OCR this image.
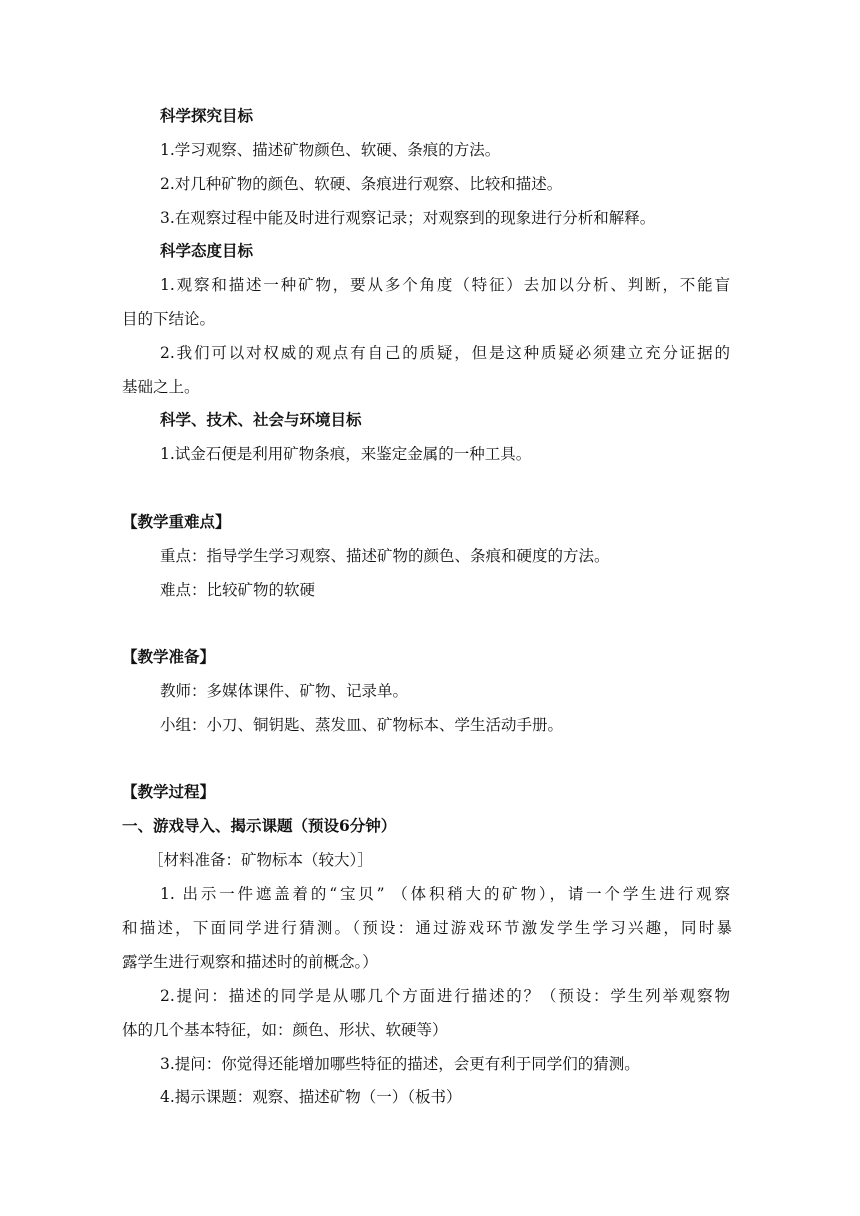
科学探究目标
1.学习观察、描述矿物颜色、软硬、条痕的方法。
2.对几种矿物的颜色、软硬、条痕进行观察、比较和描述。
3.在观察过程中能及时进行观察记录；对观察到的现象进行分析和解释。
科学态度目标
1.观察和描述一种矿物，要从多个角度（特征）去加以分析、判断，不能盲
目的下结论。
2.我们可以对权威的观点有自己的质疑，但是这种质疑必须建立充分证据的
基础之上。
科学、技术、社会与环境目标
1.试金石便是利用矿物条痕，来鉴定金属的一种工具。
【教学重难点】
重点：指导学生学习观察、描述矿物的颜色、条痕和硬度的方法。
难点：比较矿物的软硬
【教学准备】
教师：多媒体课件、矿物、记录单。
小组：小刀、铜钥匙、蒸发皿、矿物标本、学生活动手册。
【教学过程】
一、游戏导入、揭示课题（预设6分钟）
［材料准备：矿物标本（较大）］
1. 出示一件遮盖着的“宝贝” （体积稍大的矿物），请一个学生进行观察
和描述，下面同学进行猜测。（预设：通过游戏环节激发学生学习兴趣，同时暴
露学生进行观察和描述时的前概念。）
2.提问：描述的同学是从哪几个方面进行描述的？（预设：学生列举观察物
体的几个基本特征，如：颜色、形状、软硬等）
3.提问：你觉得还能增加哪些特征的描述，会更有利于同学们的猜测。
4.揭示课题：观察、描述矿物（一）（板书）
